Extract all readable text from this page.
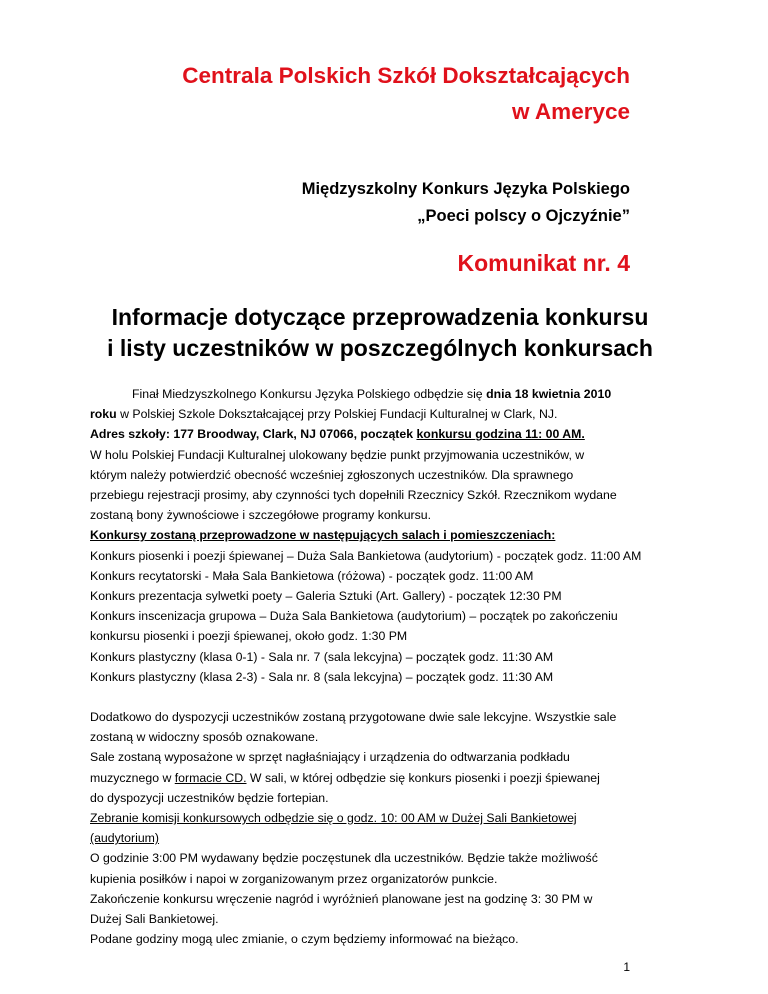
Centrala Polskich Szkół Dokształcających
w Ameryce
Międzyszkolny Konkurs Języka Polskiego
„Poeci polscy o Ojczyźnie”
Komunikat nr. 4
Informacje dotyczące przeprowadzenia konkursu
i listy uczestników w poszczególnych konkursach

Finał Miedzyszkolnego Konkursu Języka Polskiego odbędzie się dnia 18 kwietnia 2010

roku w Polskiej Szkole Dokształcającej przy Polskiej Fundacji Kulturalnej w Clark, NJ.

Adres szkoły: 177 Broodway, Clark, NJ 07066, początek konkursu godzina 11: 00 AM.

W holu Polskiej Fundacji Kulturalnej ulokowany będzie punkt przyjmowania uczestników, w

którym należy potwierdzić obecność wcześniej zgłoszonych uczestników. Dla sprawnego

przebiegu rejestracji prosimy, aby czynności tych dopełnili Rzecznicy Szkół. Rzecznikom wydane

zostaną bony żywnościowe i szczegółowe programy konkursu.

Konkursy zostaną przeprowadzone w następujących salach i pomieszczeniach:

Konkurs piosenki i poezji śpiewanej – Duża Sala Bankietowa (audytorium) - początek godz. 11:00 AM

Konkurs recytatorski - Mała Sala Bankietowa (różowa) - początek godz. 11:00 AM

Konkurs prezentacja sylwetki poety – Galeria Sztuki (Art. Gallery) - początek 12:30 PM

Konkurs inscenizacja grupowa – Duża Sala Bankietowa (audytorium) – początek po zakończeniu

konkursu piosenki i poezji śpiewanej, około godz. 1:30 PM

Konkurs plastyczny (klasa 0-1) - Sala nr. 7 (sala lekcyjna) – początek godz. 11:30 AM

Konkurs plastyczny (klasa 2-3) - Sala nr. 8 (sala lekcyjna) – początek godz. 11:30 AM

Dodatkowo do dyspozycji uczestników zostaną przygotowane dwie sale lekcyjne. Wszystkie sale

zostaną w widoczny sposób oznakowane.

Sale zostaną wyposażone w sprzęt nagłaśniający i urządzenia do odtwarzania podkładu

muzycznego w formacie CD. W sali, w której odbędzie się konkurs piosenki i poezji śpiewanej

do dyspozycji uczestników będzie fortepian.

Zebranie komisji konkursowych odbędzie się o godz. 10: 00 AM w Dużej Sali Bankietowej

(audytorium)

O godzinie 3:00 PM wydawany będzie poczęstunek dla uczestników. Będzie także możliwość

kupienia posiłków i napoi w zorganizowanym przez organizatorów punkcie.

Zakończenie konkursu wręczenie nagród i wyróżnień planowane jest na godzinę 3: 30 PM w

Dużej Sali Bankietowej.

Podane godziny mogą ulec zmianie, o czym będziemy informować na bieżąco.

1
